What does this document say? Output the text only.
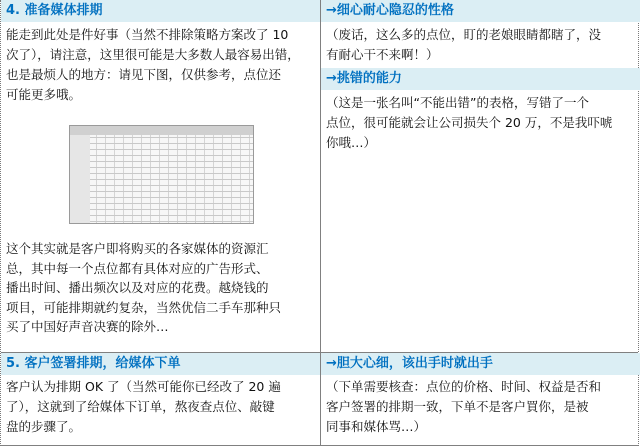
4. 准备媒体排期
能走到此处是件好事（当然不排除策略方案改了 10
次了），请注意，这里很可能是大多数人最容易出错，
也是最烦人的地方：请见下图，仅供参考，点位还
可能更多哦。
这个其实就是客户即将购买的各家媒体的资源汇
总，其中每一个点位都有具体对应的广告形式、
播出时间、播出频次以及对应的花费。越烧钱的
项目，可能排期就约复杂，当然优信二手车那种只
买了中国好声音决赛的除外…
→细心耐心隐忍的性格
（废话，这么多的点位，盯的老娘眼睛都瞎了，没
有耐心干不来啊！）
→挑错的能力
（这是一张名叫“不能出错”的表格，写错了一个
点位，很可能就会让公司损失个 20 万，不是我吓唬
你哦…）
5. 客户签署排期，给媒体下单
客户认为排期 OK 了（当然可能你已经改了 20 遍
了），这就到了给媒体下订单，熬夜查点位、敲键
盘的步骤了。
→胆大心细，该出手时就出手
（下单需要核查：点位的价格、时间、权益是否和
客户签署的排期一致，下单不是客户買你，是被
同事和媒体骂…）
